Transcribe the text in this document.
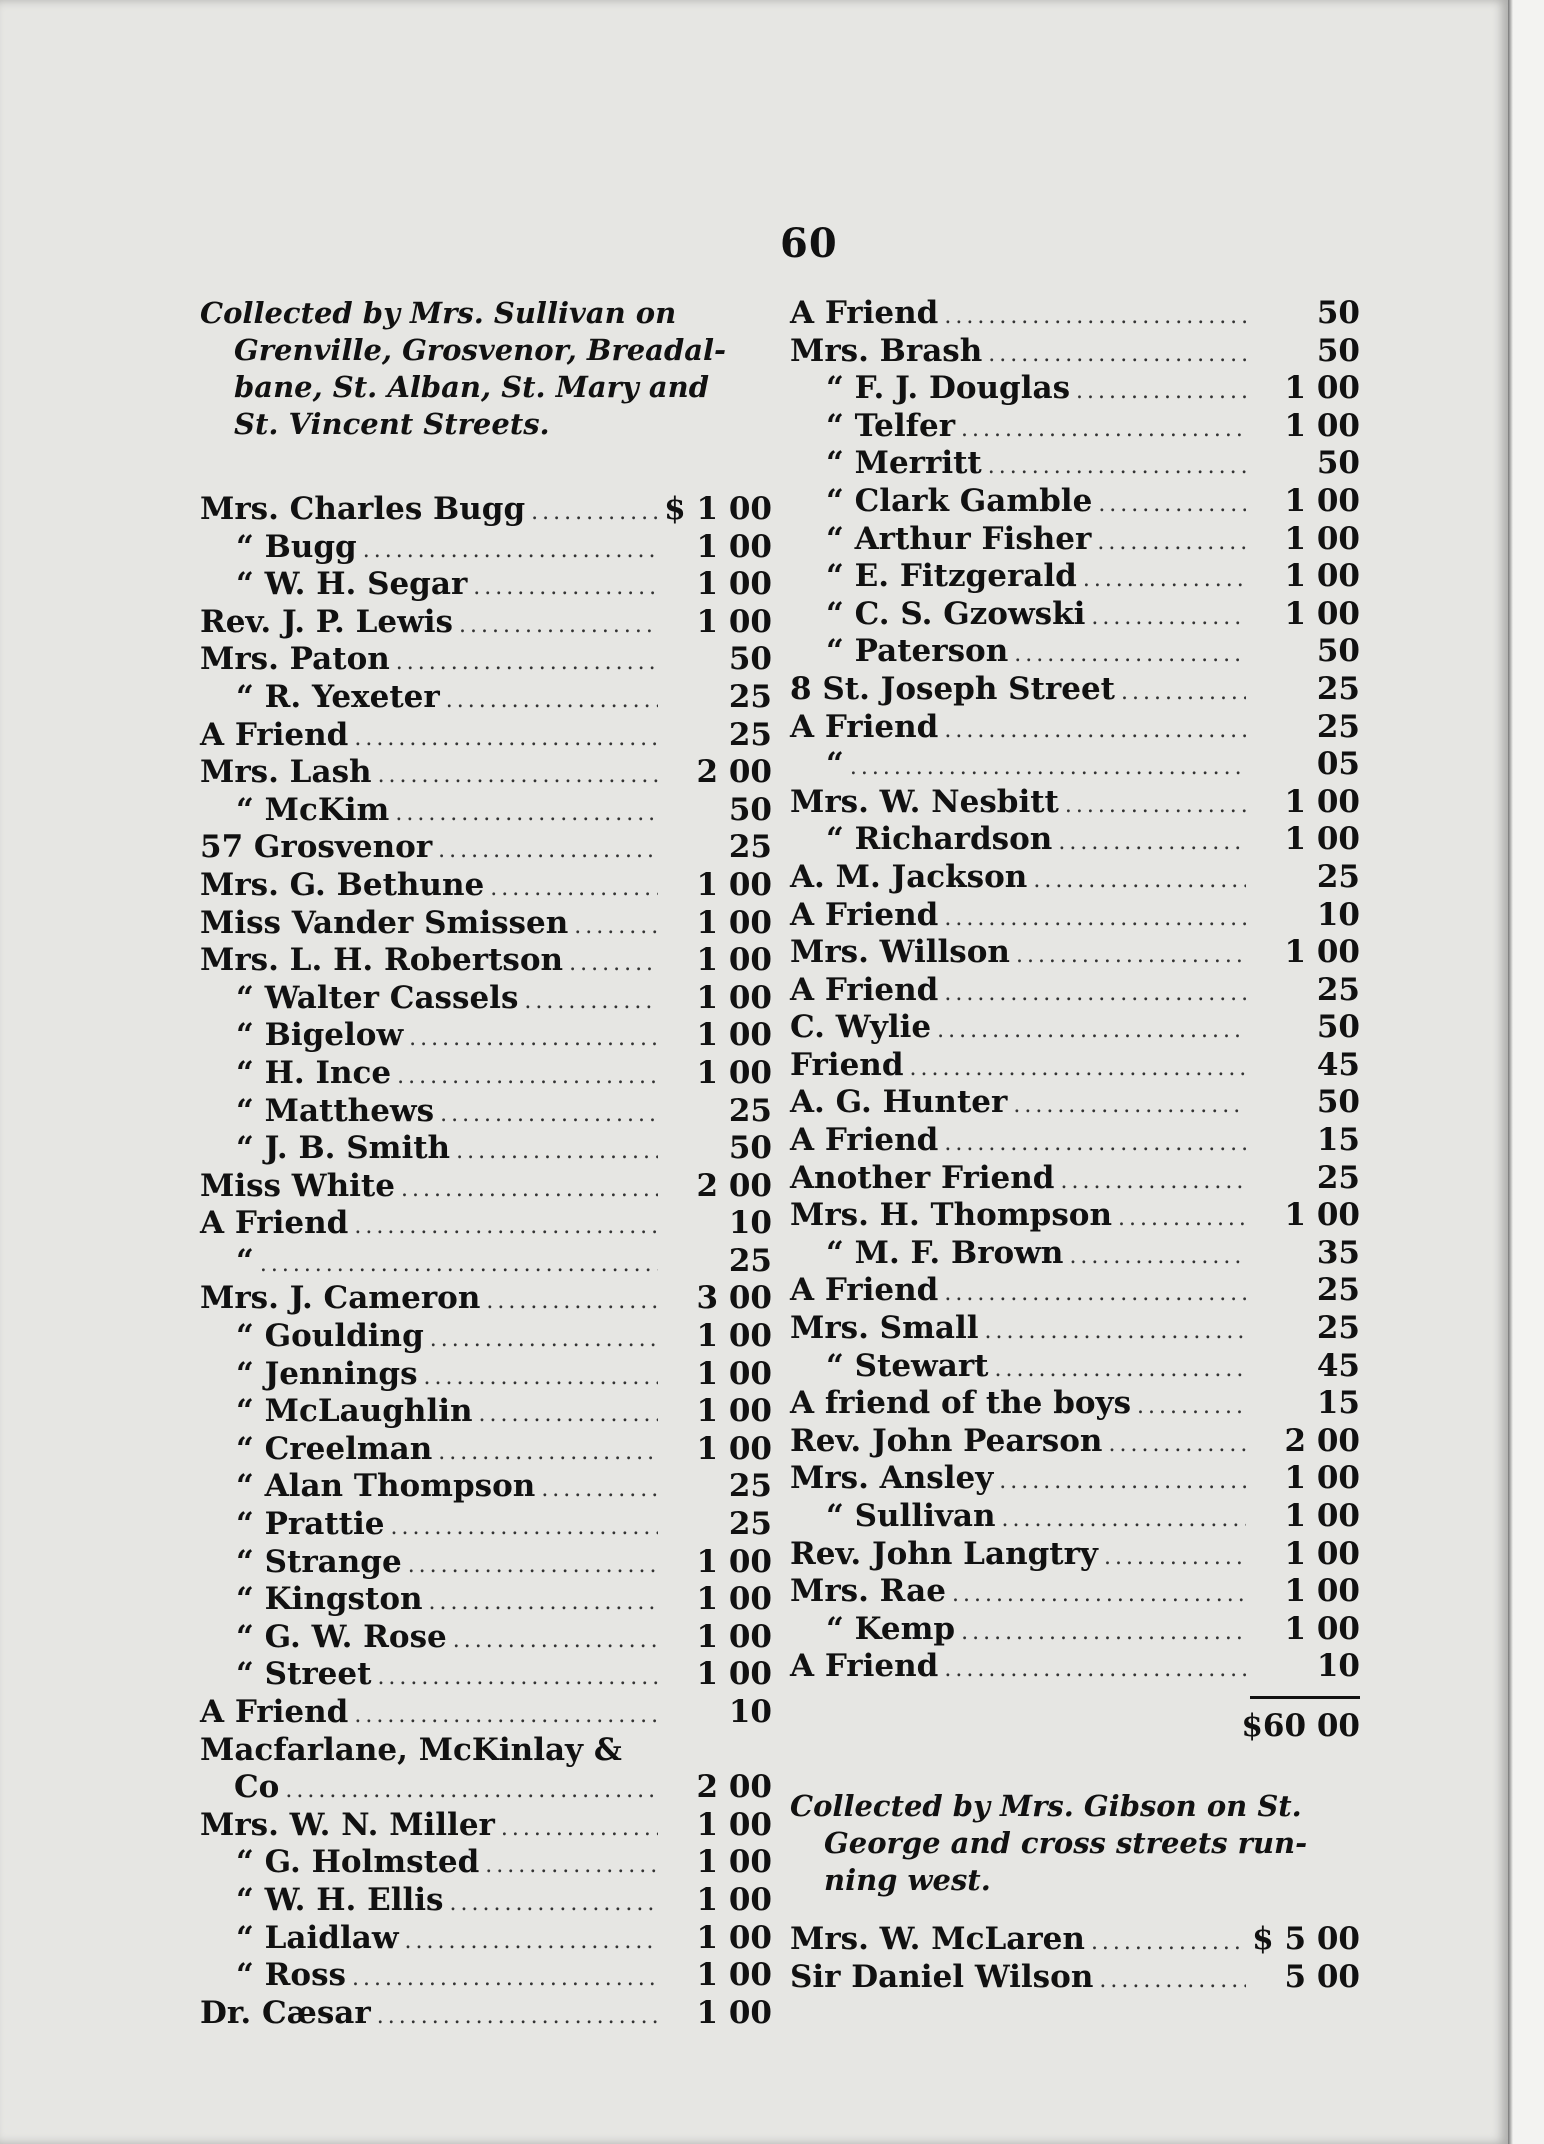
60
Collected by Mrs. Sullivan on
Grenville, Grosvenor, Breadal-
bane, St. Alban, St. Mary and
St. Vincent Streets.
Mrs. Charles Bugg .....	$ 1 00
“ Bugg .....	1 00
“ W. H. Segar .....	1 00
Rev. J. P. Lewis .....	1 00
Mrs. Paton .....	50
“ R. Yexeter .....	25
A Friend .....	25
Mrs. Lash .....	2 00
“ McKim .....	50
57 Grosvenor .....	25
Mrs. G. Bethune .....	1 00
Miss Vander Smissen .....	1 00
Mrs. L. H. Robertson .....	1 00
“ Walter Cassels .....	1 00
“ Bigelow .....	1 00
“ H. Ince .....	1 00
“ Matthews .....	25
“ J. B. Smith .....	50
Miss White .....	2 00
A Friend .....	10
“ .....	25
Mrs. J. Cameron .....	3 00
“ Goulding .....	1 00
“ Jennings .....	1 00
“ McLaughlin .....	1 00
“ Creelman .....	1 00
“ Alan Thompson .....	25
“ Prattie .....	25
“ Strange .....	1 00
“ Kingston .....	1 00
“ G. W. Rose .....	1 00
“ Street .....	1 00
A Friend .....	10
Macfarlane, McKinlay &
Co .....	2 00
Mrs. W. N. Miller .....	1 00
“ G. Holmsted .....	1 00
“ W. H. Ellis .....	1 00
“ Laidlaw .....	1 00
“ Ross .....	1 00
Dr. Cæsar .....	1 00
A Friend .....	50
Mrs. Brash .....	50
“ F. J. Douglas .....	1 00
“ Telfer .....	1 00
“ Merritt .....	50
“ Clark Gamble .....	1 00
“ Arthur Fisher .....	1 00
“ E. Fitzgerald .....	1 00
“ C. S. Gzowski .....	1 00
“ Paterson .....	50
8 St. Joseph Street .....	25
A Friend .....	25
“ .....	05
Mrs. W. Nesbitt .....	1 00
“ Richardson .....	1 00
A. M. Jackson .....	25
A Friend .....	10
Mrs. Willson .....	1 00
A Friend .....	25
C. Wylie .....	50
Friend .....	45
A. G. Hunter .....	50
A Friend .....	15
Another Friend .....	25
Mrs. H. Thompson .....	1 00
“ M. F. Brown .....	35
A Friend .....	25
Mrs. Small .....	25
“ Stewart .....	45
A friend of the boys .....	15
Rev. John Pearson .....	2 00
Mrs. Ansley .....	1 00
“ Sullivan .....	1 00
Rev. John Langtry .....	1 00
Mrs. Rae .....	1 00
“ Kemp .....	1 00
A Friend .....	10
$60 00
Collected by Mrs. Gibson on St.
George and cross streets run-
ning west.
Mrs. W. McLaren .....	$ 5 00
Sir Daniel Wilson .....	5 00
